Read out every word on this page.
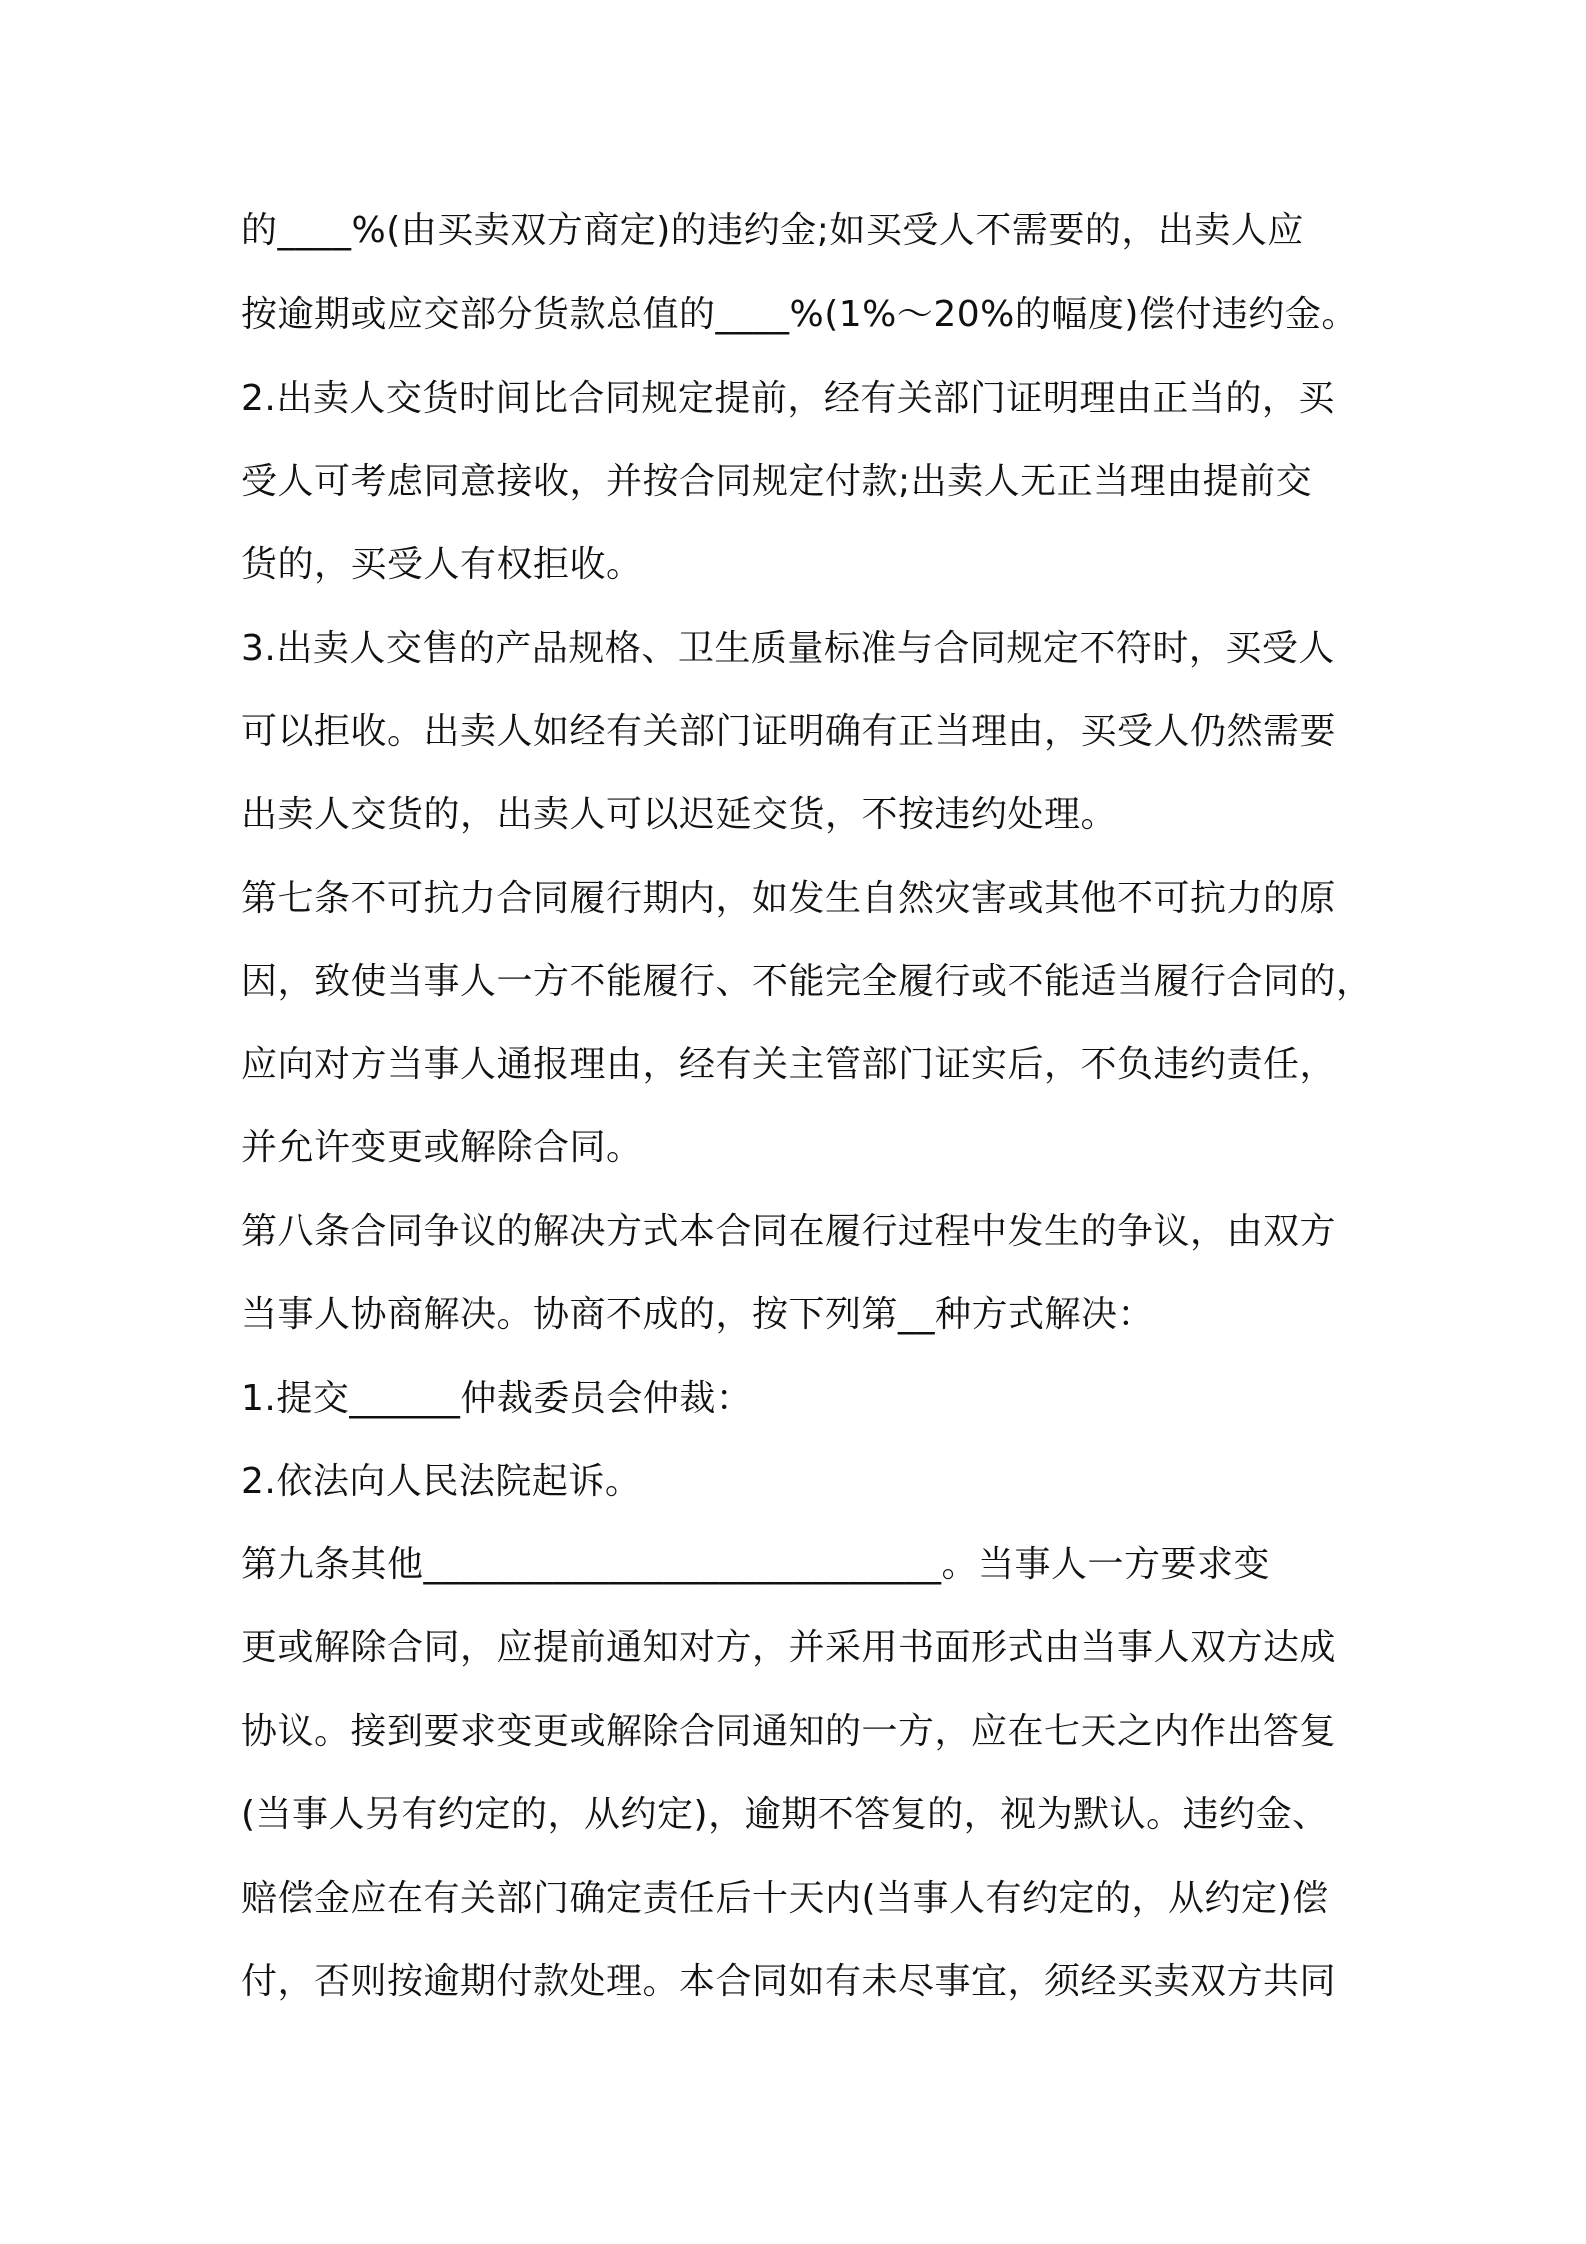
的____%(由买卖双方商定)的违约金;如买受人不需要的，出卖人应
按逾期或应交部分货款总值的____%(1%～20%的幅度)偿付违约金。
2.出卖人交货时间比合同规定提前，经有关部门证明理由正当的，买
受人可考虑同意接收，并按合同规定付款;出卖人无正当理由提前交
货的，买受人有权拒收。
3.出卖人交售的产品规格、卫生质量标准与合同规定不符时，买受人
可以拒收。出卖人如经有关部门证明确有正当理由，买受人仍然需要
出卖人交货的，出卖人可以迟延交货，不按违约处理。
第七条不可抗力合同履行期内，如发生自然灾害或其他不可抗力的原
因，致使当事人一方不能履行、不能完全履行或不能适当履行合同的，
应向对方当事人通报理由，经有关主管部门证实后，不负违约责任，
并允许变更或解除合同。
第八条合同争议的解决方式本合同在履行过程中发生的争议，由双方
当事人协商解决。协商不成的，按下列第__种方式解决：
1.提交______仲裁委员会仲裁：
2.依法向人民法院起诉。
第九条其他____________________________。当事人一方要求变
更或解除合同，应提前通知对方，并采用书面形式由当事人双方达成
协议。接到要求变更或解除合同通知的一方，应在七天之内作出答复
(当事人另有约定的，从约定)，逾期不答复的，视为默认。违约金、
赔偿金应在有关部门确定责任后十天内(当事人有约定的，从约定)偿
付，否则按逾期付款处理。本合同如有未尽事宜，须经买卖双方共同
